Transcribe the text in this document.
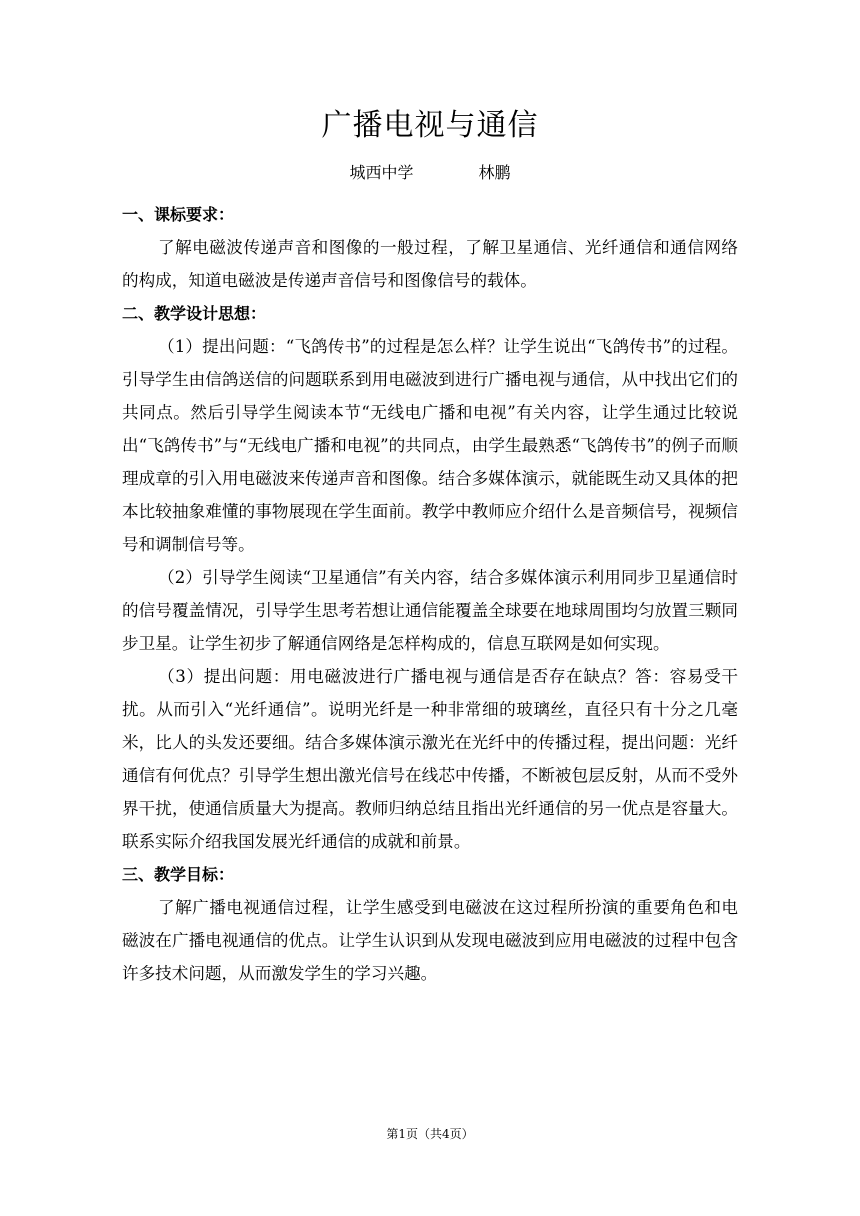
广播电视与通信
城西中学	林鹏
一、课标要求：

了解电磁波传递声音和图像的一般过程，了解卫星通信、光纤通信和通信网络的构成，知道电磁波是传递声音信号和图像信号的载体。

二、教学设计思想：

（1）提出问题：“飞鸽传书”的过程是怎么样？让学生说出“飞鸽传书”的过程。引导学生由信鸽送信的问题联系到用电磁波到进行广播电视与通信，从中找出它们的共同点。然后引导学生阅读本节“无线电广播和电视”有关内容，让学生通过比较说出“飞鸽传书”与“无线电广播和电视”的共同点，由学生最熟悉“飞鸽传书”的例子而顺理成章的引入用电磁波来传递声音和图像。结合多媒体演示，就能既生动又具体的把本比较抽象难懂的事物展现在学生面前。教学中教师应介绍什么是音频信号，视频信号和调制信号等。

（2）引导学生阅读“卫星通信”有关内容，结合多媒体演示利用同步卫星通信时的信号覆盖情况，引导学生思考若想让通信能覆盖全球要在地球周围均匀放置三颗同步卫星。让学生初步了解通信网络是怎样构成的，信息互联网是如何实现。

（3）提出问题：用电磁波进行广播电视与通信是否存在缺点？答：容易受干扰。从而引入“光纤通信”。说明光纤是一种非常细的玻璃丝，直径只有十分之几毫米，比人的头发还要细。结合多媒体演示激光在光纤中的传播过程，提出问题：光纤通信有何优点？引导学生想出激光信号在线芯中传播，不断被包层反射，从而不受外界干扰，使通信质量大为提高。教师归纳总结且指出光纤通信的另一优点是容量大。联系实际介绍我国发展光纤通信的成就和前景。

三、教学目标：

了解广播电视通信过程，让学生感受到电磁波在这过程所扮演的重要角色和电磁波在广播电视通信的优点。让学生认识到从发现电磁波到应用电磁波的过程中包含许多技术问题，从而激发学生的学习兴趣。

第1页（共4页）
